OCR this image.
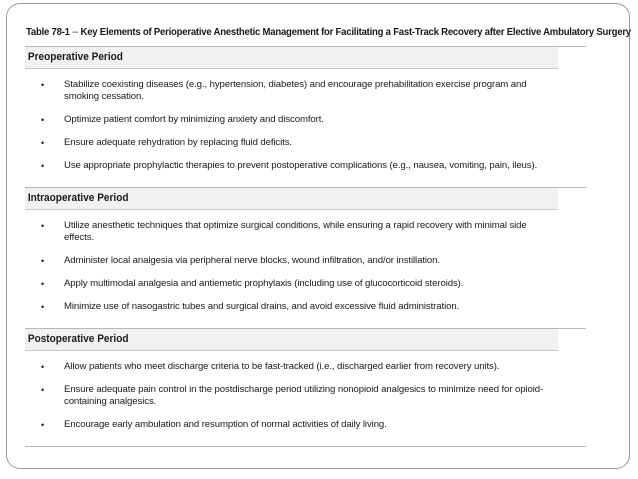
Table 78-1 -- Key Elements of Perioperative Anesthetic Management for Facilitating a Fast-Track Recovery after Elective Ambulatory Surgery
Preoperative Period
• Stabilize coexisting diseases (e.g., hypertension, diabetes) and encourage prehabilitation exercise program and smoking cessation.
• Optimize patient comfort by minimizing anxiety and discomfort.
• Ensure adequate rehydration by replacing fluid deficits.
• Use appropriate prophylactic therapies to prevent postoperative complications (e.g., nausea, vomiting, pain, ileus).
Intraoperative Period
• Utilize anesthetic techniques that optimize surgical conditions, while ensuring a rapid recovery with minimal side effects.
• Administer local analgesia via peripheral nerve blocks, wound infiltration, and/or instillation.
• Apply multimodal analgesia and antiemetic prophylaxis (including use of glucocorticoid steroids).
• Minimize use of nasogastric tubes and surgical drains, and avoid excessive fluid administration.
Postoperative Period
• Allow patients who meet discharge criteria to be fast-tracked (i.e., discharged earlier from recovery units).
• Ensure adequate pain control in the postdischarge period utilizing nonopioid analgesics to minimize need for opioid-containing analgesics.
• Encourage early ambulation and resumption of normal activities of daily living.
